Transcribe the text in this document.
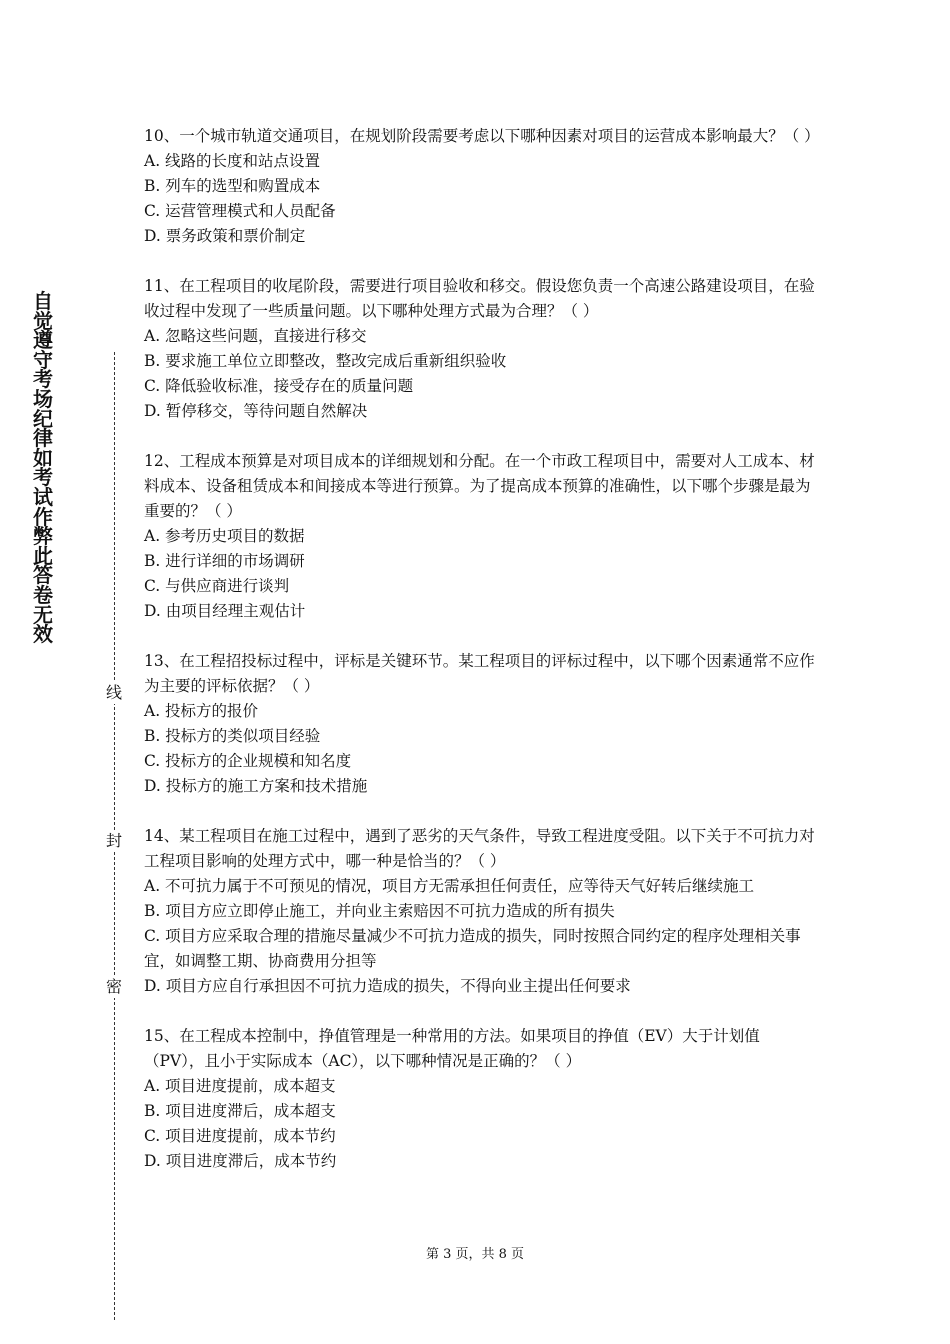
自觉遵守考场纪律如考试作弊此答卷无效
线
封
密

10、一个城市轨道交通项目，在规划阶段需要考虑以下哪种因素对项目的运营成本影响最大？（ ）

A. 线路的长度和站点设置

B. 列车的选型和购置成本

C. 运营管理模式和人员配备

D. 票务政策和票价制定

11、在工程项目的收尾阶段，需要进行项目验收和移交。假设您负责一个高速公路建设项目，在验收过程中发现了一些质量问题。以下哪种处理方式最为合理？（ ）

A. 忽略这些问题，直接进行移交

B. 要求施工单位立即整改，整改完成后重新组织验收

C. 降低验收标准，接受存在的质量问题

D. 暂停移交，等待问题自然解决

12、工程成本预算是对项目成本的详细规划和分配。在一个市政工程项目中，需要对人工成本、材料成本、设备租赁成本和间接成本等进行预算。为了提高成本预算的准确性，以下哪个步骤是最为重要的？（ ）

A. 参考历史项目的数据

B. 进行详细的市场调研

C. 与供应商进行谈判

D. 由项目经理主观估计

13、在工程招投标过程中，评标是关键环节。某工程项目的评标过程中，以下哪个因素通常不应作为主要的评标依据？（ ）

A. 投标方的报价

B. 投标方的类似项目经验

C. 投标方的企业规模和知名度

D. 投标方的施工方案和技术措施

14、某工程项目在施工过程中，遇到了恶劣的天气条件，导致工程进度受阻。以下关于不可抗力对工程项目影响的处理方式中，哪一种是恰当的？（ ）

A. 不可抗力属于不可预见的情况，项目方无需承担任何责任，应等待天气好转后继续施工

B. 项目方应立即停止施工，并向业主索赔因不可抗力造成的所有损失

C. 项目方应采取合理的措施尽量减少不可抗力造成的损失，同时按照合同约定的程序处理相关事宜，如调整工期、协商费用分担等

D. 项目方应自行承担因不可抗力造成的损失，不得向业主提出任何要求

15、在工程成本控制中，挣值管理是一种常用的方法。如果项目的挣值（EV）大于计划值（PV），且小于实际成本（AC），以下哪种情况是正确的？（ ）

A. 项目进度提前，成本超支

B. 项目进度滞后，成本超支

C. 项目进度提前，成本节约

D. 项目进度滞后，成本节约

第 3 页，共 8 页
